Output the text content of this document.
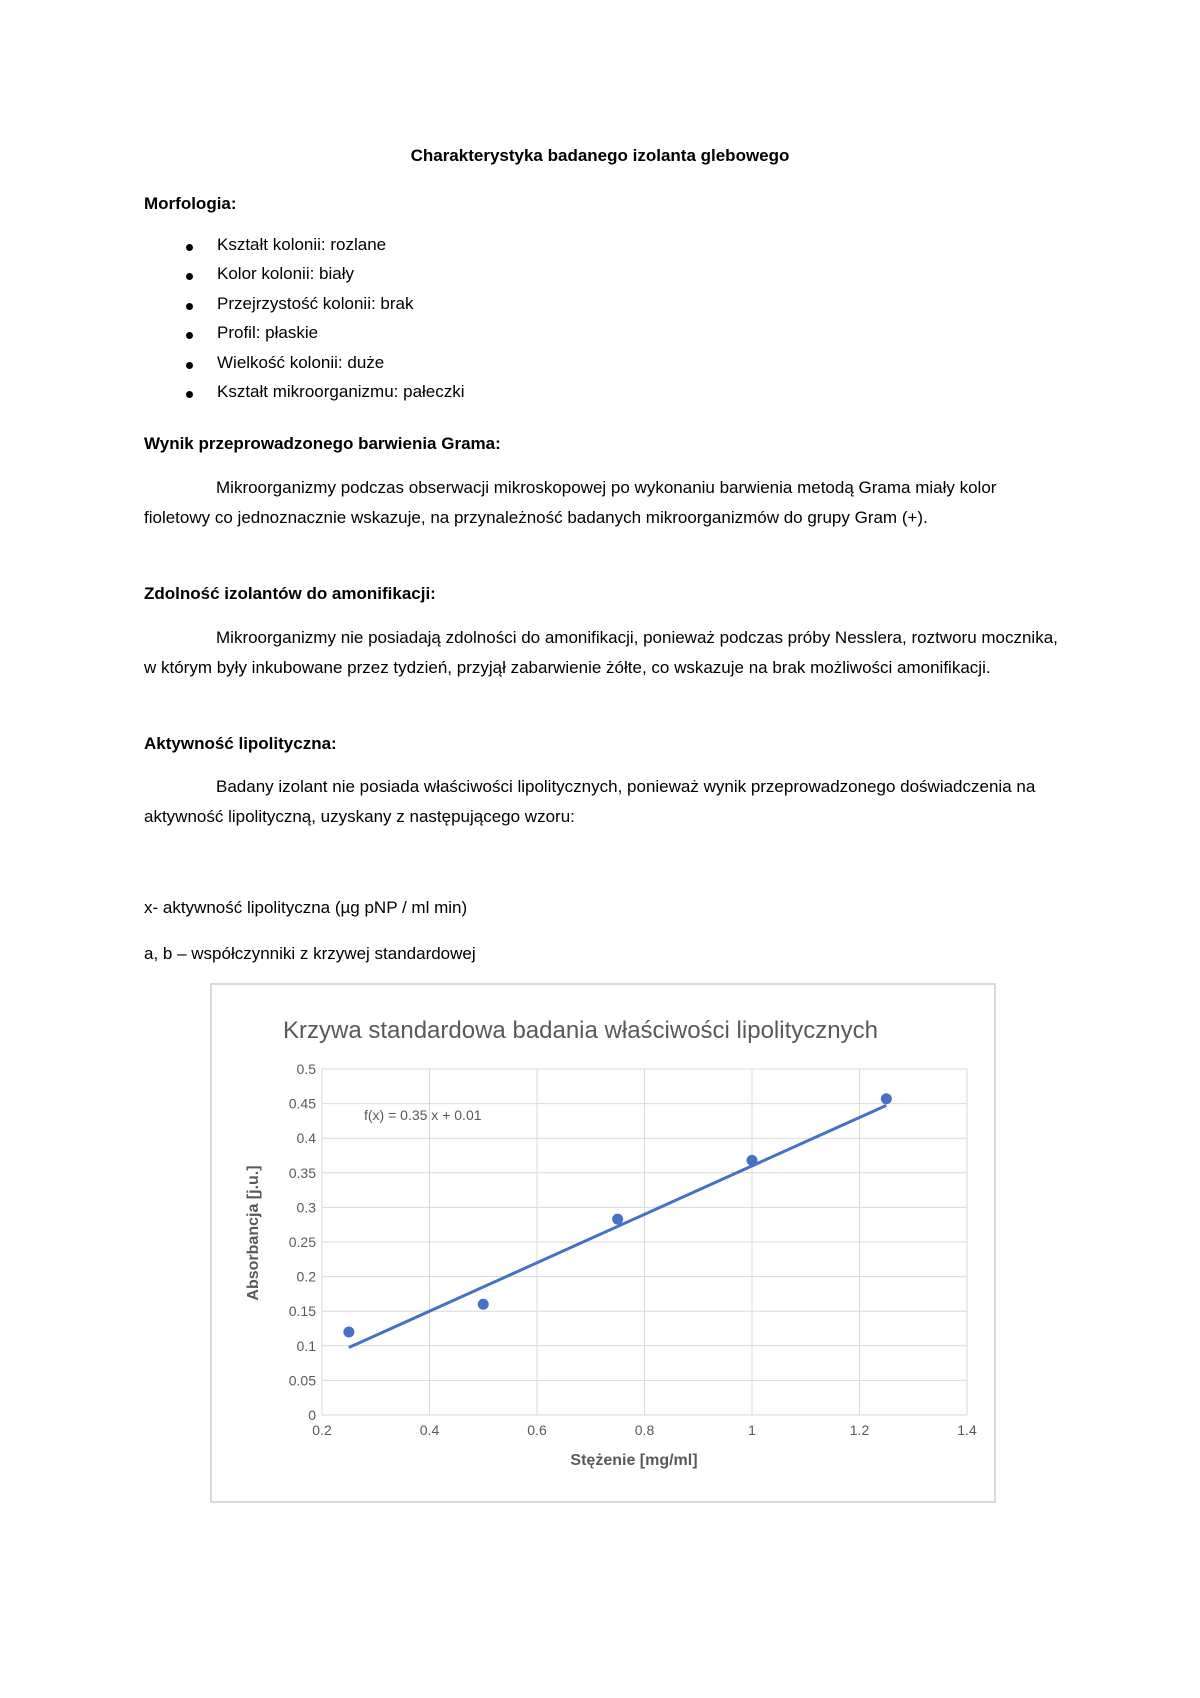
Charakterystyka badanego izolanta glebowego
Morfologia:
Kształt kolonii: rozlane
Kolor kolonii: biały
Przejrzystość kolonii: brak
Profil: płaskie
Wielkość kolonii: duże
Kształt mikroorganizmu: pałeczki
Wynik przeprowadzonego barwienia Grama:

Mikroorganizmy podczas obserwacji mikroskopowej po wykonaniu barwienia metodą Grama miały kolor fioletowy co jednoznacznie wskazuje, na przynależność badanych mikroorganizmów do grupy Gram (+).

Zdolność izolantów do amonifikacji:

Mikroorganizmy nie posiadają zdolności do amonifikacji, ponieważ podczas próby Nesslera, roztworu mocznika, w którym były inkubowane przez tydzień, przyjął zabarwienie żółte, co wskazuje na brak możliwości amonifikacji.

Aktywność lipolityczna:

Badany izolant nie posiada właściwości lipolitycznych, ponieważ wynik przeprowadzonego doświadczenia na aktywność lipolityczną, uzyskany z następującego wzoru:

x- aktywność lipolityczna (µg pNP / ml min)
a, b – współczynniki z krzywej standardowej
Krzywa standardowa badania właściwości lipolitycznych
0
0.05
0.1
0.15
0.2
0.25
0.3
0.35
0.4
0.45
0.5
0.2	0.4	0.6	0.8	1	1.2	1.4
f(x) = 0.35 x + 0.01
Stężenie [mg/ml]
Absorbancja [j.u.]
